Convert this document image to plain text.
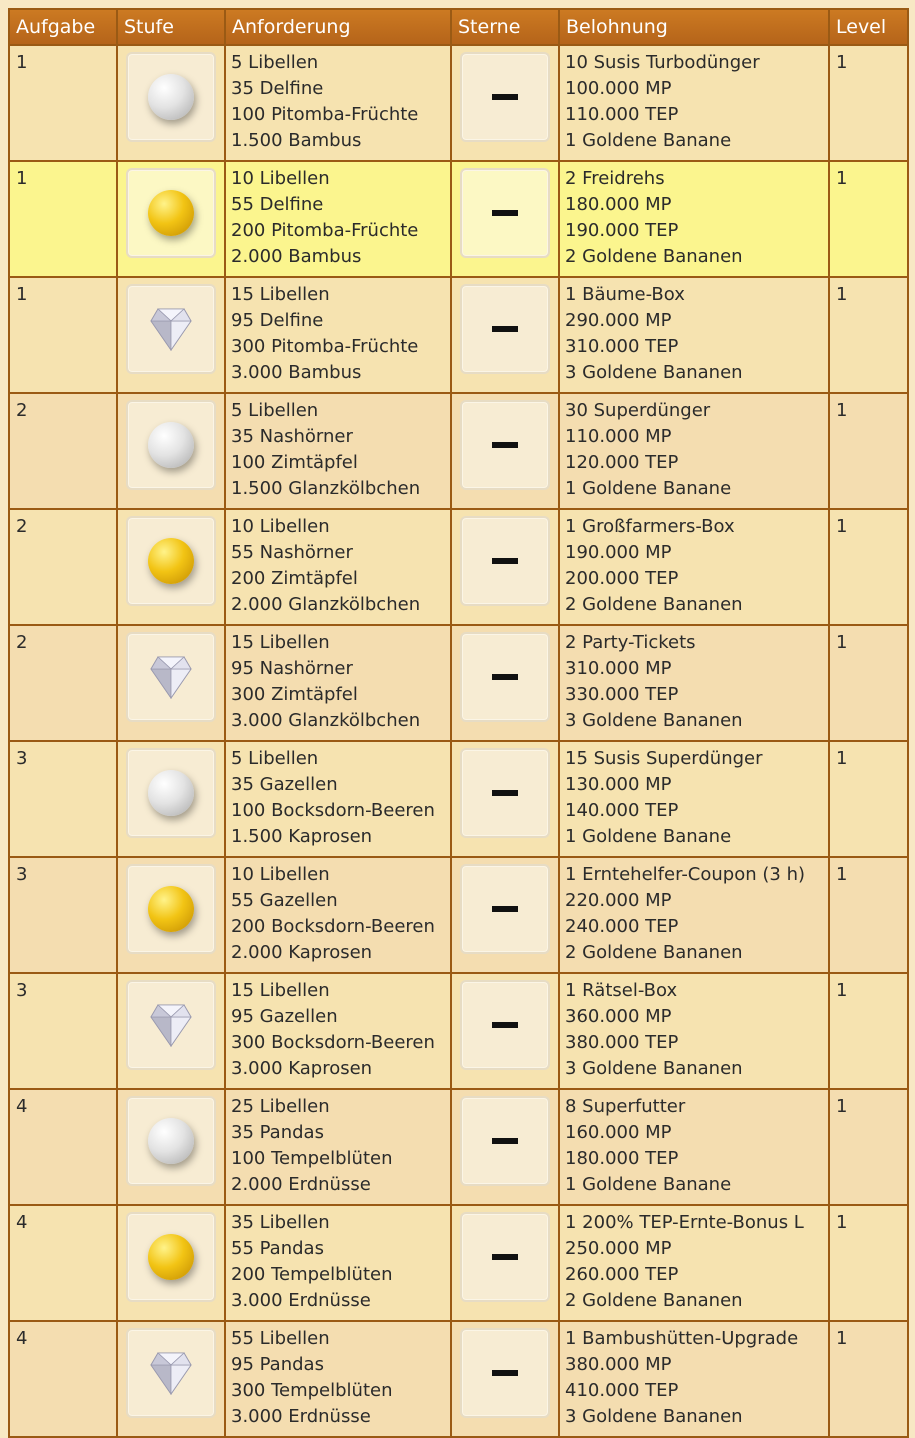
Aufgabe	Stufe	Anforderung	Sterne	Belohnung	Level
1		5 Libellen
35 Delfine
100 Pitomba-Früchte
1.500 Bambus		10 Susis Turbodünger
100.000 MP
110.000 TEP
1 Goldene Banane	1
1		10 Libellen
55 Delfine
200 Pitomba-Früchte
2.000 Bambus		2 Freidrehs
180.000 MP
190.000 TEP
2 Goldene Bananen	1
1		15 Libellen
95 Delfine
300 Pitomba-Früchte
3.000 Bambus		1 Bäume-Box
290.000 MP
310.000 TEP
3 Goldene Bananen	1
2		5 Libellen
35 Nashörner
100 Zimtäpfel
1.500 Glanzkölbchen		30 Superdünger
110.000 MP
120.000 TEP
1 Goldene Banane	1
2		10 Libellen
55 Nashörner
200 Zimtäpfel
2.000 Glanzkölbchen		1 Großfarmers-Box
190.000 MP
200.000 TEP
2 Goldene Bananen	1
2		15 Libellen
95 Nashörner
300 Zimtäpfel
3.000 Glanzkölbchen		2 Party-Tickets
310.000 MP
330.000 TEP
3 Goldene Bananen	1
3		5 Libellen
35 Gazellen
100 Bocksdorn-Beeren
1.500 Kaprosen		15 Susis Superdünger
130.000 MP
140.000 TEP
1 Goldene Banane	1
3		10 Libellen
55 Gazellen
200 Bocksdorn-Beeren
2.000 Kaprosen		1 Erntehelfer-Coupon (3 h)
220.000 MP
240.000 TEP
2 Goldene Bananen	1
3		15 Libellen
95 Gazellen
300 Bocksdorn-Beeren
3.000 Kaprosen		1 Rätsel-Box
360.000 MP
380.000 TEP
3 Goldene Bananen	1
4		25 Libellen
35 Pandas
100 Tempelblüten
2.000 Erdnüsse		8 Superfutter
160.000 MP
180.000 TEP
1 Goldene Banane	1
4		35 Libellen
55 Pandas
200 Tempelblüten
3.000 Erdnüsse		1 200% TEP-Ernte-Bonus L
250.000 MP
260.000 TEP
2 Goldene Bananen	1
4		55 Libellen
95 Pandas
300 Tempelblüten
3.000 Erdnüsse		1 Bambushütten-Upgrade
380.000 MP
410.000 TEP
3 Goldene Bananen	1
